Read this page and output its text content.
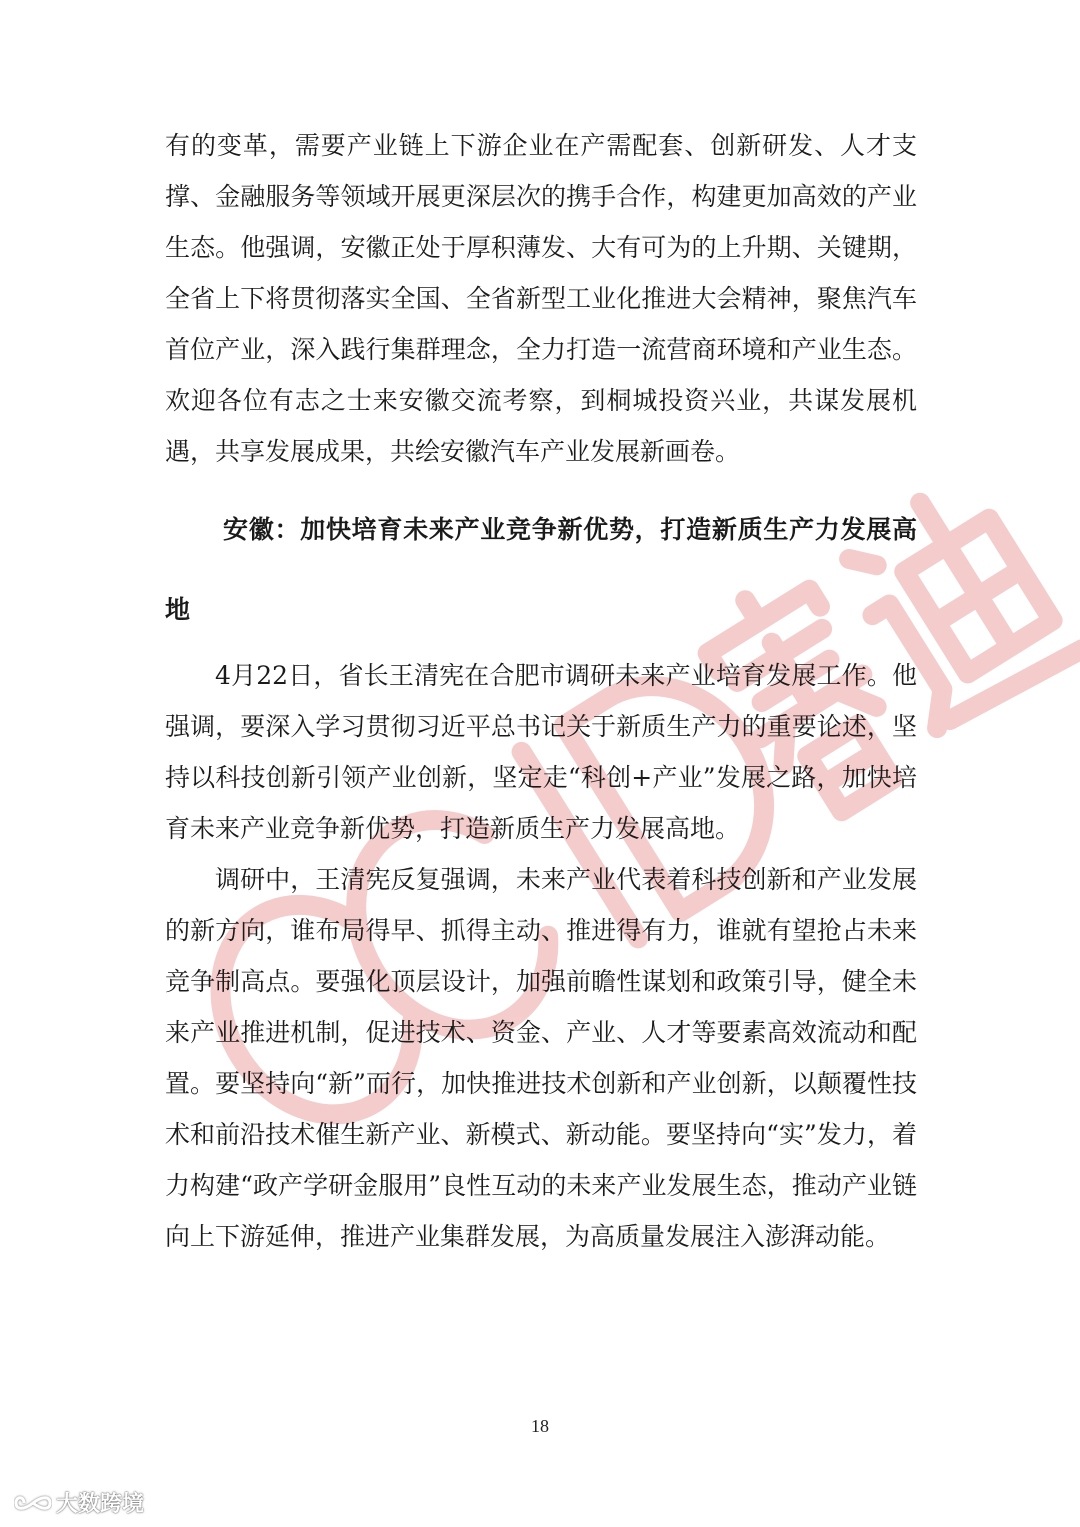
有的变革，需要产业链上下游企业在产需配套、创新研发、人才支撑、金融服务等领域开展更深层次的携手合作，构建更加高效的产业生态。他强调，安徽正处于厚积薄发、大有可为的上升期、关键期，全省上下将贯彻落实全国、全省新型工业化推进大会精神，聚焦汽车首位产业，深入践行集群理念，全力打造一流营商环境和产业生态。欢迎各位有志之士来安徽交流考察，到桐城投资兴业，共谋发展机遇，共享发展成果，共绘安徽汽车产业发展新画卷。

安徽：加快培育未来产业竞争新优势，打造新质生产力发展高地

4月22日，省长王清宪在合肥市调研未来产业培育发展工作。他强调，要深入学习贯彻习近平总书记关于新质生产力的重要论述，坚持以科技创新引领产业创新，坚定走“科创+产业”发展之路，加快培育未来产业竞争新优势，打造新质生产力发展高地。

调研中，王清宪反复强调，未来产业代表着科技创新和产业发展的新方向，谁布局得早、抓得主动、推进得有力，谁就有望抢占未来竞争制高点。要强化顶层设计，加强前瞻性谋划和政策引导，健全未来产业推进机制，促进技术、资金、产业、人才等要素高效流动和配置。要坚持向“新”而行，加快推进技术创新和产业创新，以颠覆性技术和前沿技术催生新产业、新模式、新动能。要坚持向“实”发力，着力构建“政产学研金服用”良性互动的未来产业发展生态，推动产业链向上下游延伸，推进产业集群发展，为高质量发展注入澎湃动能。

18
大数跨境
